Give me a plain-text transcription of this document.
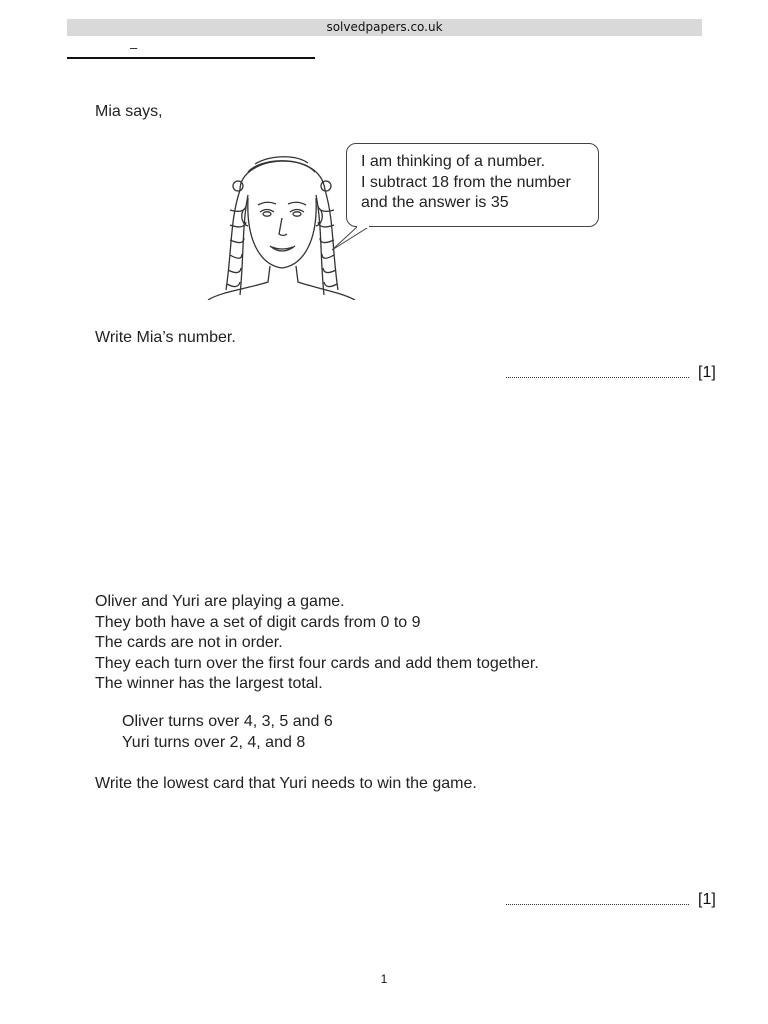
solvedpapers.co.uk
–
Mia says,
I am thinking of a number.
I subtract 18 from the number
and the answer is 35
Write Mia’s number.
[1]
Oliver and Yuri are playing a game.
They both have a set of digit cards from 0 to 9
The cards are not in order.
They each turn over the first four cards and add them together.
The winner has the largest total.
Oliver turns over 4, 3, 5 and 6
Yuri turns over 2, 4, and 8
Write the lowest card that Yuri needs to win the game.
[1]
1
